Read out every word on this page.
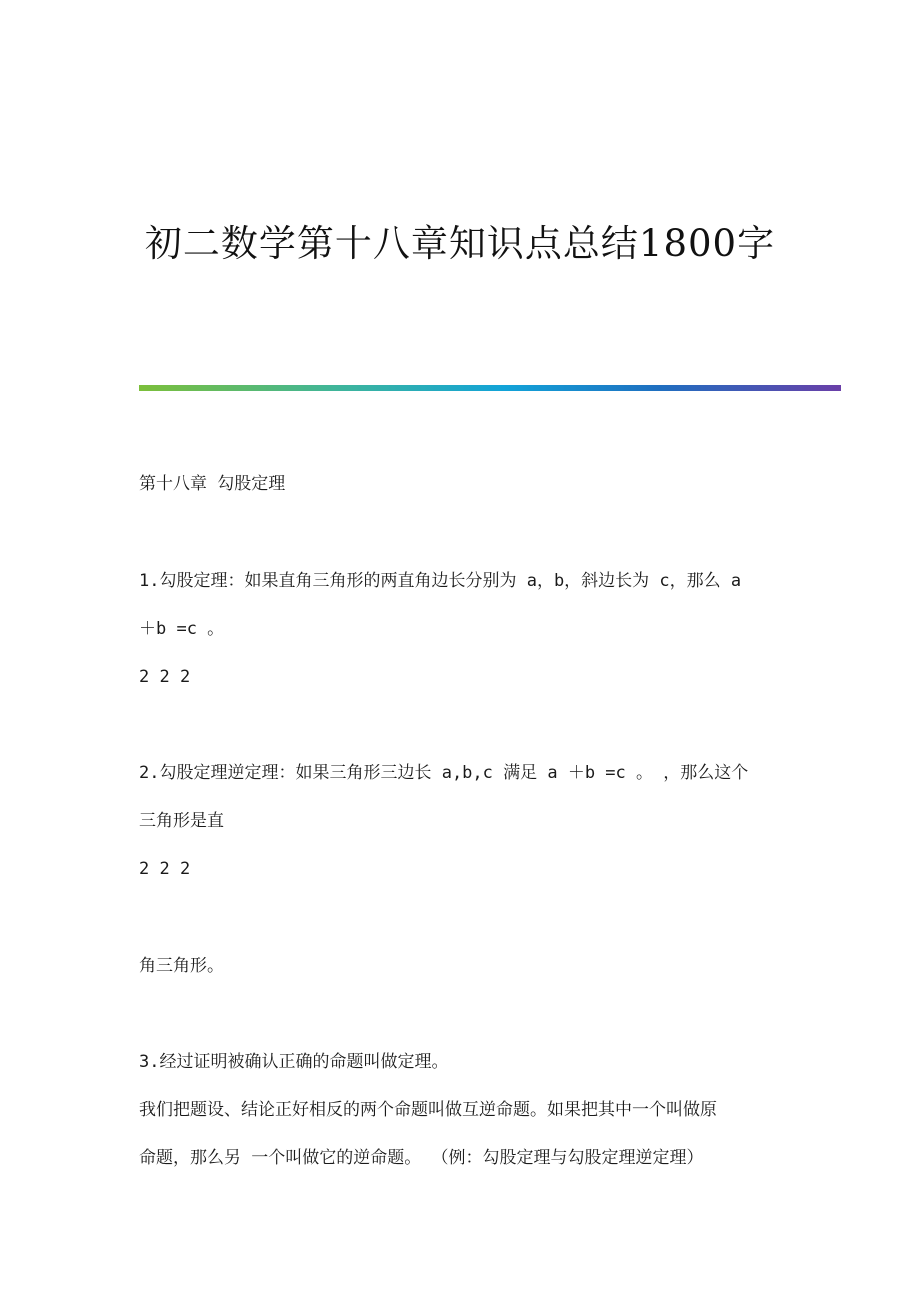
初二数学第十八章知识点总结1800字
第十八章 勾股定理
1.勾股定理：如果直角三角形的两直角边长分别为 a，b，斜边长为 c，那么 a
＋b =c 。
2 2 2
2.勾股定理逆定理：如果三角形三边长 a,b,c 满足 a ＋b =c 。 ，那么这个
三角形是直
2 2 2
角三角形。
3.经过证明被确认正确的命题叫做定理。
我们把题设、结论正好相反的两个命题叫做互逆命题。如果把其中一个叫做原
命题，那么另 一个叫做它的逆命题。 （例：勾股定理与勾股定理逆定理）
